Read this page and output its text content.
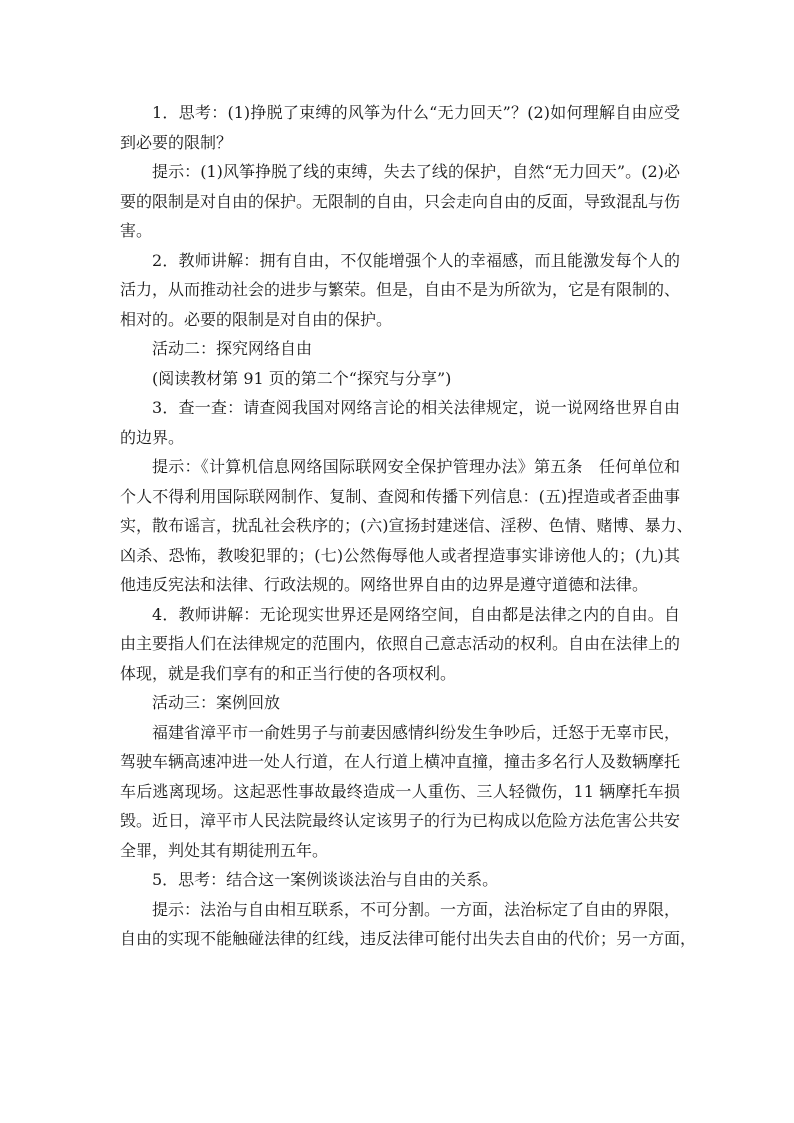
1．思考：(1)挣脱了束缚的风筝为什么“无力回天”？(2)如何理解自由应受
到必要的限制？
提示：(1)风筝挣脱了线的束缚，失去了线的保护，自然“无力回天”。(2)必
要的限制是对自由的保护。无限制的自由，只会走向自由的反面，导致混乱与伤
害。
2．教师讲解：拥有自由，不仅能增强个人的幸福感，而且能激发每个人的
活力，从而推动社会的进步与繁荣。但是，自由不是为所欲为，它是有限制的、
相对的。必要的限制是对自由的保护。
活动二：探究网络自由
(阅读教材第 91 页的第二个“探究与分享”)
3．查一查：请查阅我国对网络言论的相关法律规定，说一说网络世界自由
的边界。
提示：《计算机信息网络国际联网安全保护管理办法》第五条　任何单位和
个人不得利用国际联网制作、复制、查阅和传播下列信息：(五)捏造或者歪曲事
实，散布谣言，扰乱社会秩序的；(六)宣扬封建迷信、淫秽、色情、赌博、暴力、
凶杀、恐怖，教唆犯罪的；(七)公然侮辱他人或者捏造事实诽谤他人的；(九)其
他违反宪法和法律、行政法规的。网络世界自由的边界是遵守道德和法律。
4．教师讲解：无论现实世界还是网络空间，自由都是法律之内的自由。自
由主要指人们在法律规定的范围内，依照自己意志活动的权利。自由在法律上的
体现，就是我们享有的和正当行使的各项权利。
活动三：案例回放
福建省漳平市一俞姓男子与前妻因感情纠纷发生争吵后，迁怒于无辜市民，
驾驶车辆高速冲进一处人行道，在人行道上横冲直撞，撞击多名行人及数辆摩托
车后逃离现场。这起恶性事故最终造成一人重伤、三人轻微伤，11 辆摩托车损
毁。近日，漳平市人民法院最终认定该男子的行为已构成以危险方法危害公共安
全罪，判处其有期徒刑五年。
5．思考：结合这一案例谈谈法治与自由的关系。
提示：法治与自由相互联系，不可分割。一方面，法治标定了自由的界限，
自由的实现不能触碰法律的红线，违反法律可能付出失去自由的代价；另一方面，
